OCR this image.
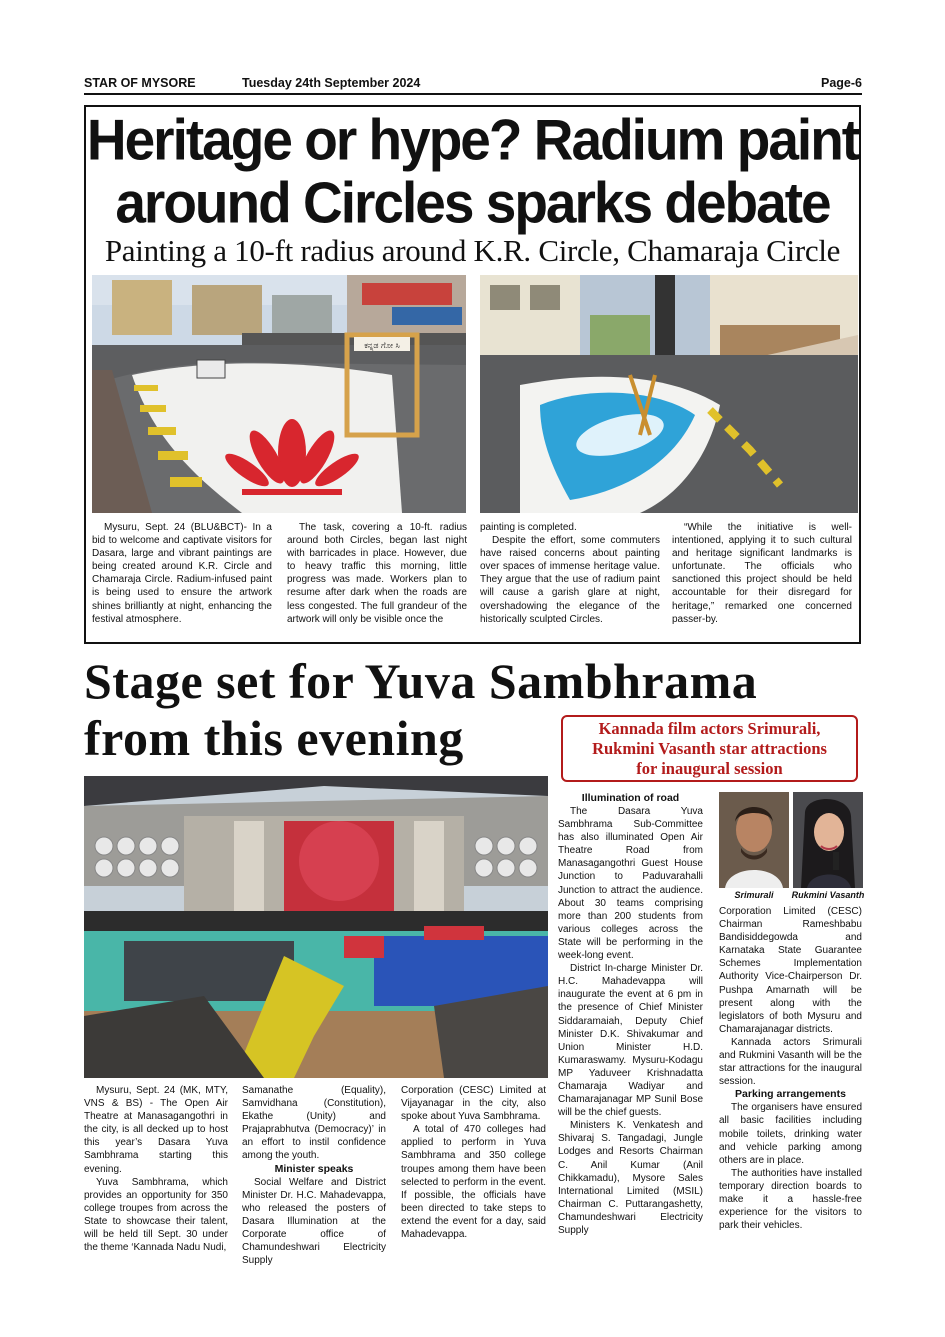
STAR OF MYSORE	Tuesday 24th September 2024	Page-6
Heritage or hype? Radium paint
around Circles sparks debate
Painting a 10-ft radius around K.R. Circle, Chamaraja Circle
ಕನ್ನಡ ಗೋ ಸಿ

Mysuru, Sept. 24 (BLU&BCT)- In a bid to welcome and captivate visitors for Dasara, large and vibrant paintings are being created around K.R. Circle and Chamaraja Circle. Radium-infused paint is being used to ensure the artwork shines brilliantly at night, enhancing the festival atmosphere.

The task, covering a 10-ft. radius around both Circles, began last night with barricades in place. However, due to heavy traffic this morning, little progress was made. Workers plan to resume after dark when the roads are less congested. The full grandeur of the artwork will only be visible once the

painting is completed.

Despite the effort, some commuters have raised concerns about painting over spaces of immense heritage value. They argue that the use of radium paint will cause a garish glare at night, overshadowing the elegance of the historically sculpted Circles.

“While the initiative is well-intentioned, applying it to such cultural and heritage significant landmarks is unfortunate. The officials who sanctioned this project should be held accountable for their disregard for heritage,” remarked one concerned passer-by.

Stage set for Yuva Sambhrama
from this evening	Kannada film actors Srimurali,
Rukmini Vasanth star attractions
for inaugural session

Mysuru, Sept. 24 (MK, MTY, VNS & BS) - The Open Air Theatre at Manasagangothri in the city, is all decked up to host this year’s Dasara Yuva Sambhrama starting this evening.

Yuva Sambhrama, which provides an opportunity for 350 college troupes from across the State to showcase their talent, will be held till Sept. 30 under the theme ‘Kannada Nadu Nudi,

Samanathe (Equality), Samvidhana (Constitution), Ekathe (Unity) and Prajaprabhutva (Democracy)’ in an effort to instil confidence among the youth.

Minister speaks

Social Welfare and District Minister Dr. H.C. Mahadevappa, who released the posters of Dasara Illumination at the Corporate office of Chamundeshwari Electricity Supply

Corporation (CESC) Limited at Vijayanagar in the city, also spoke about Yuva Sambhrama.

A total of 470 colleges had applied to perform in Yuva Sambhrama and 350 college troupes among them have been selected to perform in the event. If possible, the officials have been directed to take steps to extend the event for a day, said Mahadevappa.

Illumination of road

The Dasara Yuva Sambhrama Sub-Committee has also illuminated Open Air Theatre Road from Manasagangothri Guest House Junction to Paduvarahalli Junction to attract the audience. About 30 teams comprising more than 200 students from various colleges across the State will be performing in the week-long event.

District In-charge Minister Dr. H.C. Mahadevappa will inaugurate the event at 6 pm in the presence of Chief Minister Siddaramaiah, Deputy Chief Minister D.K. Shivakumar and Union Minister H.D. Kumaraswamy. Mysuru-Kodagu MP Yaduveer Krishnadatta Chamaraja Wadiyar and Chamarajanagar MP Sunil Bose will be the chief guests.

Ministers K. Venkatesh and Shivaraj S. Tangadagi, Jungle Lodges and Resorts Chairman C. Anil Kumar (Anil Chikkamadu), Mysore Sales International Limited (MSIL) Chairman C. Puttarangashetty, Chamundeshwari Electricity Supply

Srimurali	Rukmini Vasanth

Corporation Limited (CESC) Chairman Rameshbabu Bandisiddegowda and Karnataka State Guarantee Schemes Implementation Authority Vice-Chairperson Dr. Pushpa Amarnath will be present along with the legislators of both Mysuru and Chamarajanagar districts.

Kannada actors Srimurali and Rukmini Vasanth will be the star attractions for the inaugural session.

Parking arrangements

The organisers have ensured all basic facilities including mobile toilets, drinking water and vehicle parking among others are in place.

The authorities have installed temporary direction boards to make it a hassle-free experience for the visitors to park their vehicles.
